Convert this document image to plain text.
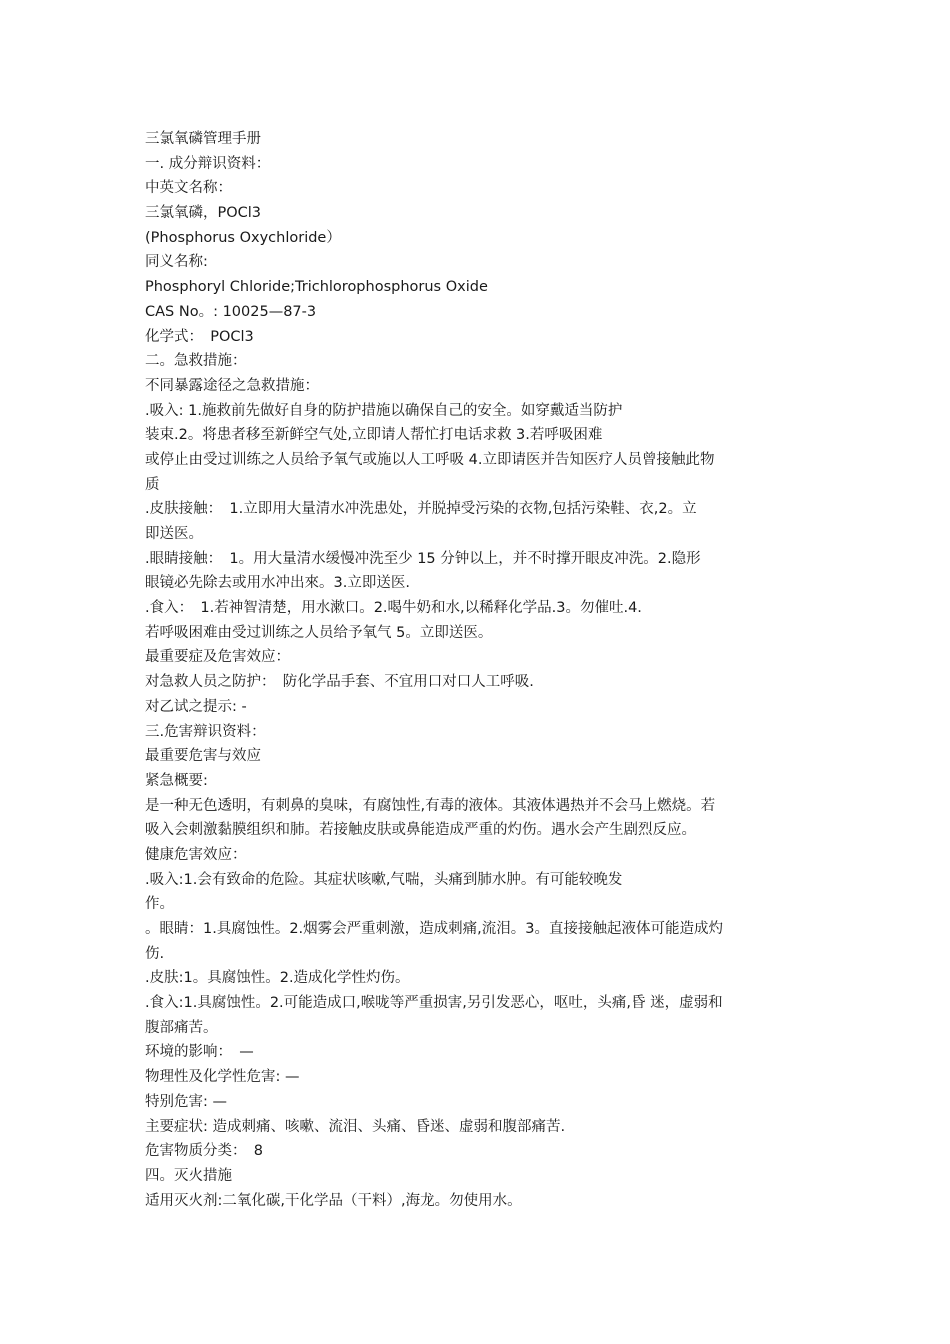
三氯氧磷管理手册
一. 成分辩识资料：
中英文名称：
三氯氧磷，POCl3
(Phosphorus Oxychloride）
同义名称:
Phosphoryl Chloride;Trichlorophosphorus Oxide
CAS No。: 10025—87-3
化学式：　POCl3
二。急救措施：
不同暴露途径之急救措施：
.吸入: 1.施救前先做好自身的防护措施以确保自己的安全。如穿戴适当防护
装束.2。将患者移至新鲜空气处,立即请人帮忙打电话求救 3.若呼吸困难
或停止由受过训练之人员给予氧气或施以人工呼吸 4.立即请医并告知医疗人员曾接触此物
质
.皮肤接触：　1.立即用大量清水冲洗患处，并脱掉受污染的衣物,包括污染鞋、衣,2。立
即送医。
.眼睛接触：　1。用大量清水缓慢冲洗至少 15 分钟以上，并不时撑开眼皮冲洗。2.隐形
眼镜必先除去或用水冲出來。3.立即送医.
.食入：　1.若神智清楚，用水漱口。2.喝牛奶和水,以稀释化学品.3。勿催吐.4.
若呼吸困难由受过训练之人员给予氧气 5。立即送医。
最重要症及危害效应：
对急救人员之防护：　防化学品手套、不宜用口对口人工呼吸.
对乙试之提示: -
三.危害辩识资料：
最重要危害与效应
紧急概要:
是一种无色透明，有刺鼻的臭味，有腐蚀性,有毒的液体。其液体遇热并不会马上燃烧。若
吸入会刺激黏膜组织和肺。若接触皮肤或鼻能造成严重的灼伤。遇水会产生剧烈反应。
健康危害效应：
.吸入:1.会有致命的危险。其症状咳嗽,气喘，头痛到肺水肿。有可能较晚发
作。
。眼睛：1.具腐蚀性。2.烟雾会严重刺激，造成刺痛,流泪。3。直接接触起液体可能造成灼
伤.
.皮肤:1。具腐蚀性。2.造成化学性灼伤。
.食入:1.具腐蚀性。2.可能造成口,喉咙等严重损害,另引发恶心，呕吐，头痛,昏 迷，虚弱和
腹部痛苦。
环境的影响：　—
物理性及化学性危害: —
特别危害: —
主要症状: 造成刺痛、咳嗽、流泪、头痛、昏迷、虚弱和腹部痛苦.
危害物质分类：　8
四。灭火措施
适用灭火剂:二氧化碳,干化学品（干料）,海龙。勿使用水。
